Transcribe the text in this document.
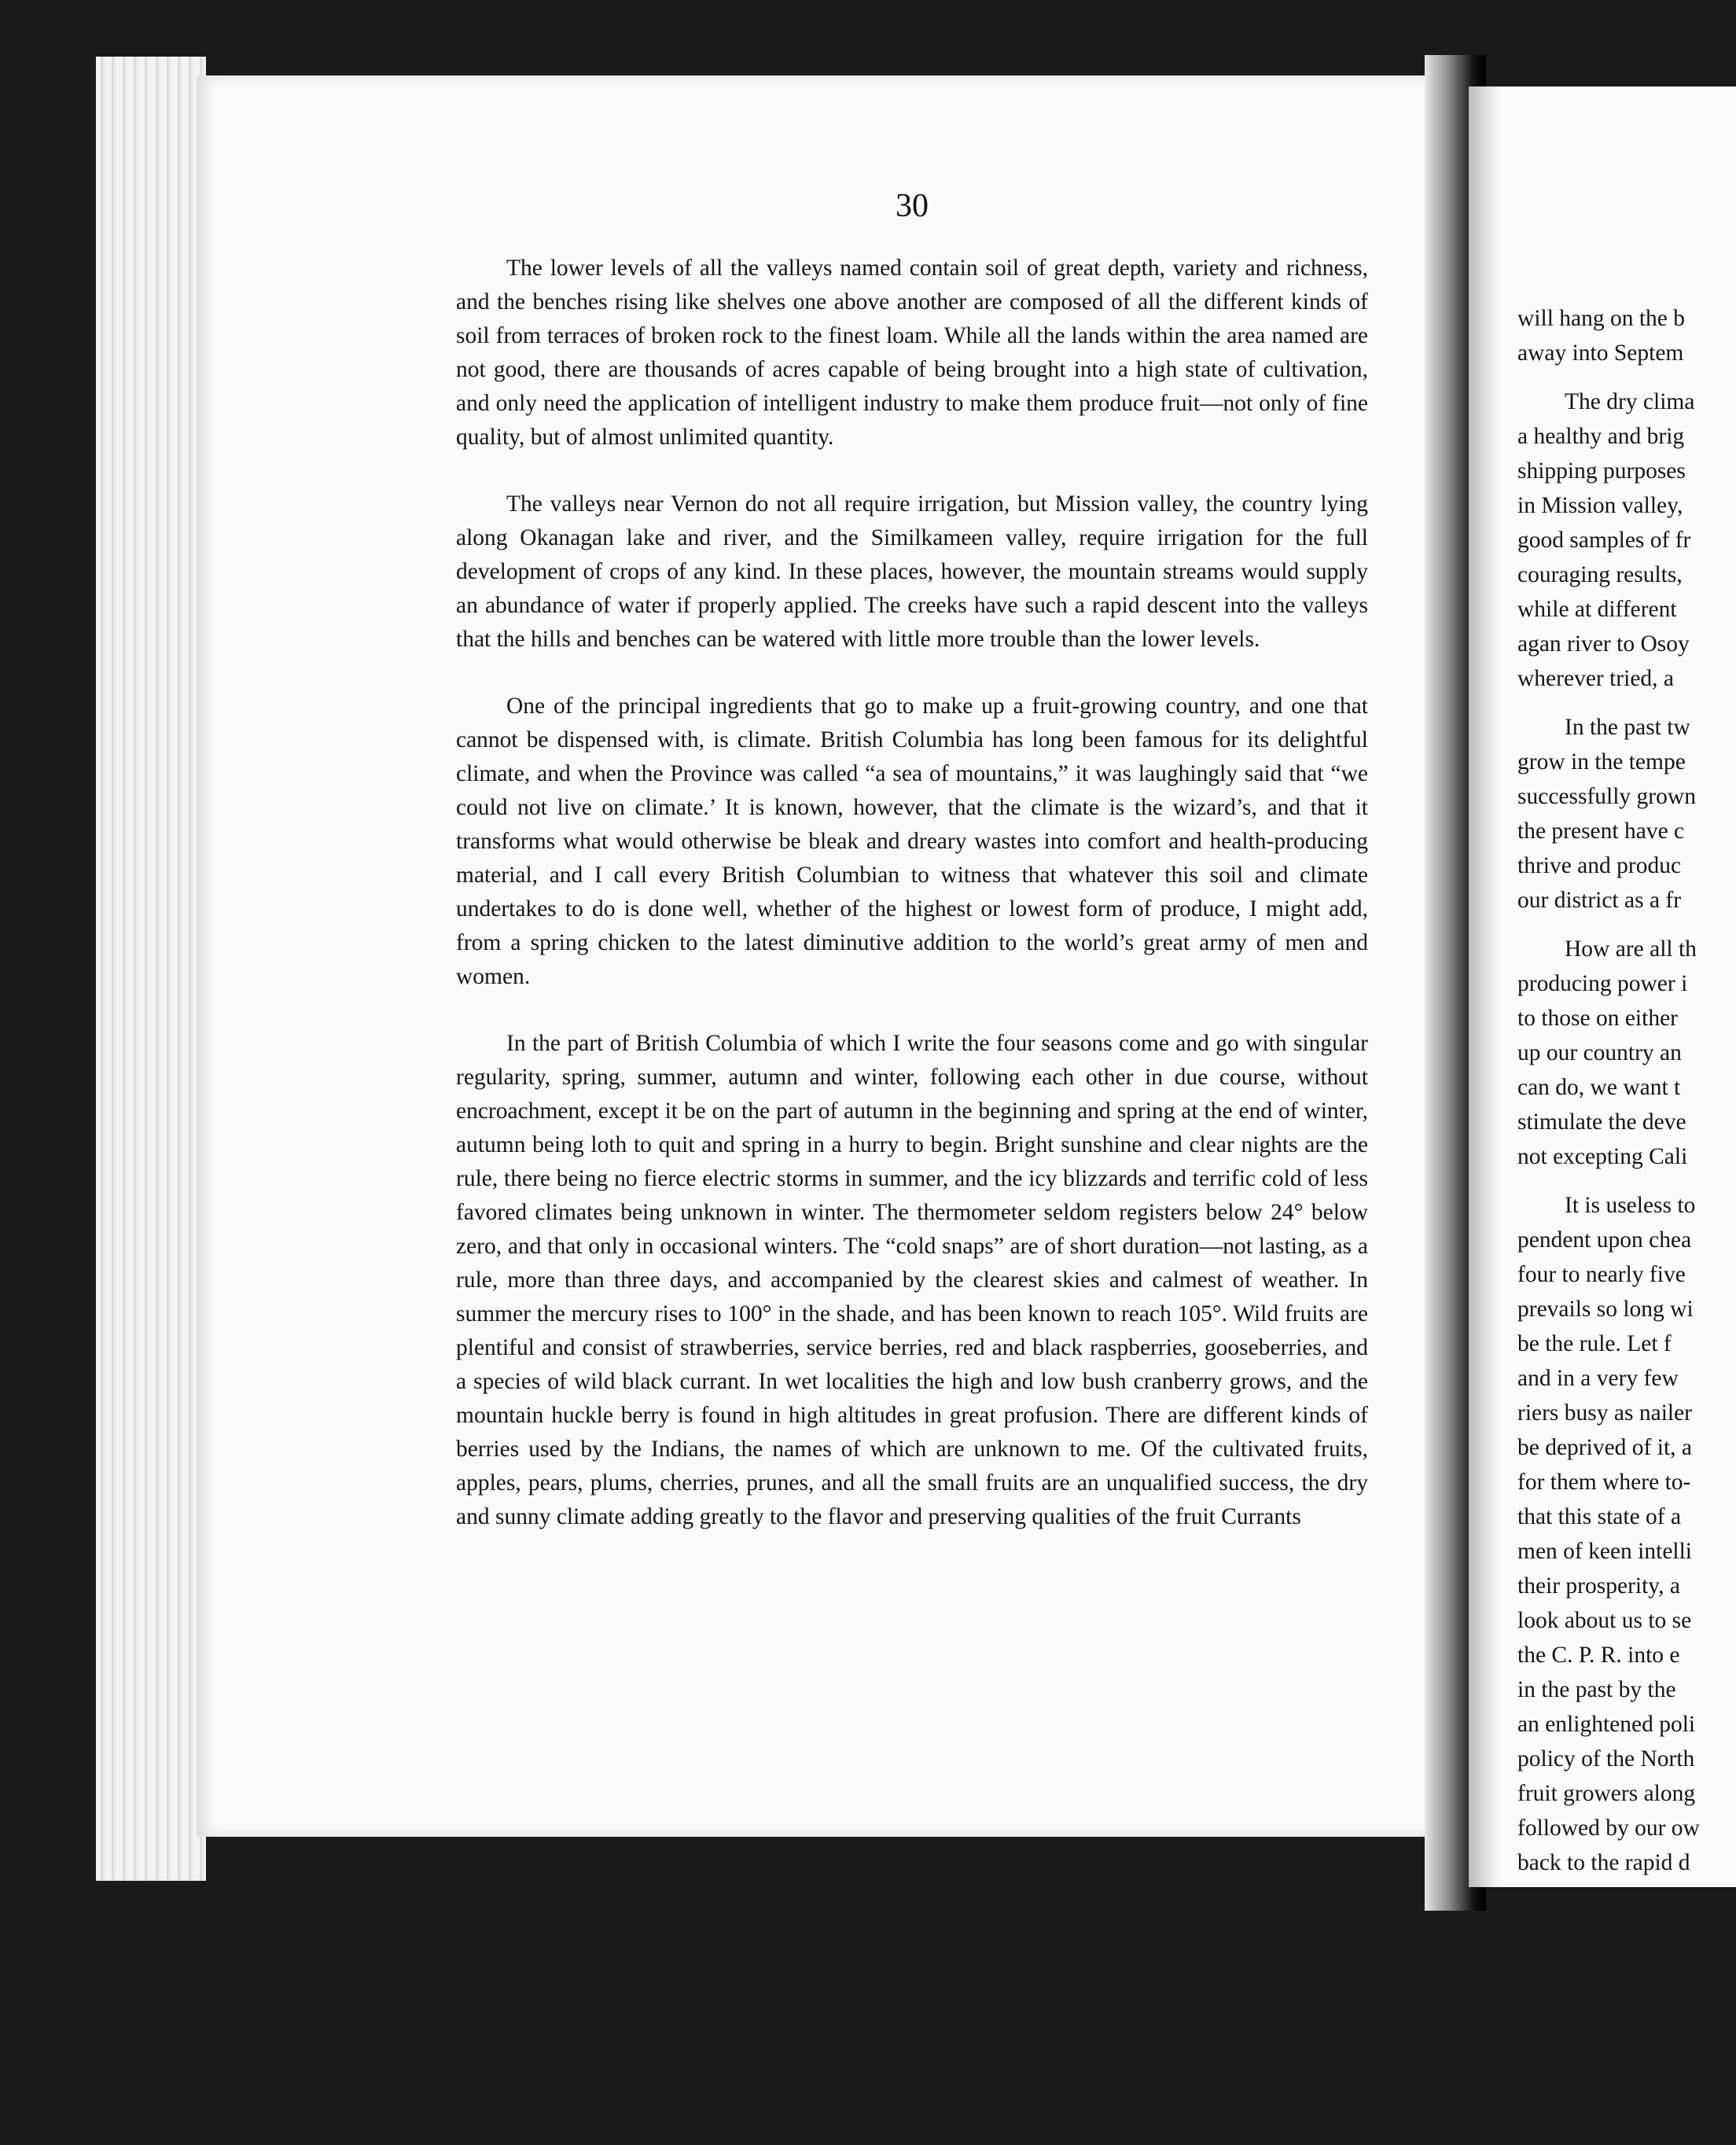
30

The lower levels of all the valleys named contain soil of great depth, variety and richness, and the benches rising like shelves one above another are composed of all the different kinds of soil from terraces of broken rock to the finest loam. While all the lands within the area named are not good, there are thousands of acres capable of being brought into a high state of cultivation, and only need the application of intelligent industry to make them produce fruit—not only of fine quality, but of almost unlimited quantity.

The valleys near Vernon do not all require irrigation, but Mission valley, the country lying along Okanagan lake and river, and the Similkameen valley, require irrigation for the full development of crops of any kind. In these places, however, the mountain streams would supply an abundance of water if properly applied. The creeks have such a rapid descent into the valleys that the hills and benches can be watered with little more trouble than the lower levels.

One of the principal ingredients that go to make up a fruit-growing country, and one that cannot be dispensed with, is climate. British Columbia has long been famous for its delightful climate, and when the Province was called “a sea of mountains,” it was laughingly said that “we could not live on climate.’ It is known, however, that the climate is the wizard’s, and that it transforms what would otherwise be bleak and dreary wastes into comfort and health-producing material, and I call every British Columbian to witness that whatever this soil and climate undertakes to do is done well, whether of the highest or lowest form of produce, I might add, from a spring chicken to the latest diminutive addition to the world’s great army of men and women.

In the part of British Columbia of which I write the four seasons come and go with singular regularity, spring, summer, autumn and winter, following each other in due course, without encroachment, except it be on the part of autumn in the beginning and spring at the end of winter, autumn being loth to quit and spring in a hurry to begin. Bright sunshine and clear nights are the rule, there being no fierce electric storms in summer, and the icy blizzards and terrific cold of less favored climates being unknown in winter. The thermometer seldom registers below 24° below zero, and that only in occasional winters. The “cold snaps” are of short duration—not lasting, as a rule, more than three days, and accompanied by the clearest skies and calmest of weather. In summer the mercury rises to 100° in the shade, and has been known to reach 105°. Wild fruits are plentiful and consist of strawberries, service berries, red and black raspberries, gooseberries, and a species of wild black currant. In wet localities the high and low bush cranberry grows, and the mountain huckle berry is found in high altitudes in great profusion. There are different kinds of berries used by the Indians, the names of which are unknown to me. Of the cultivated fruits, apples, pears, plums, cherries, prunes, and all the small fruits are an unqualified success, the dry and sunny climate adding greatly to the flavor and preserving qualities of the fruit Currants

will hang on the b
away into Septem
The dry clima
a healthy and brig
shipping purposes
in Mission valley,
good samples of fr
couraging results,
while at different
agan river to Osoy
wherever tried, a
In the past tw
grow in the tempe
successfully grown
the present have c
thrive and produc
our district as a fr
How are all th
producing power i
to those on either
up our country an
can do, we want t
stimulate the deve
not excepting Cali
It is useless to
pendent upon chea
four to nearly five
prevails so long wi
be the rule. Let f
and in a very few
riers busy as nailer
be deprived of it, a
for them where to-
that this state of a
men of keen intelli
their prosperity, a
look about us to se
the C. P. R. into e
in the past by the
an enlightened poli
policy of the North
fruit growers along
followed by our ow
back to the rapid d
